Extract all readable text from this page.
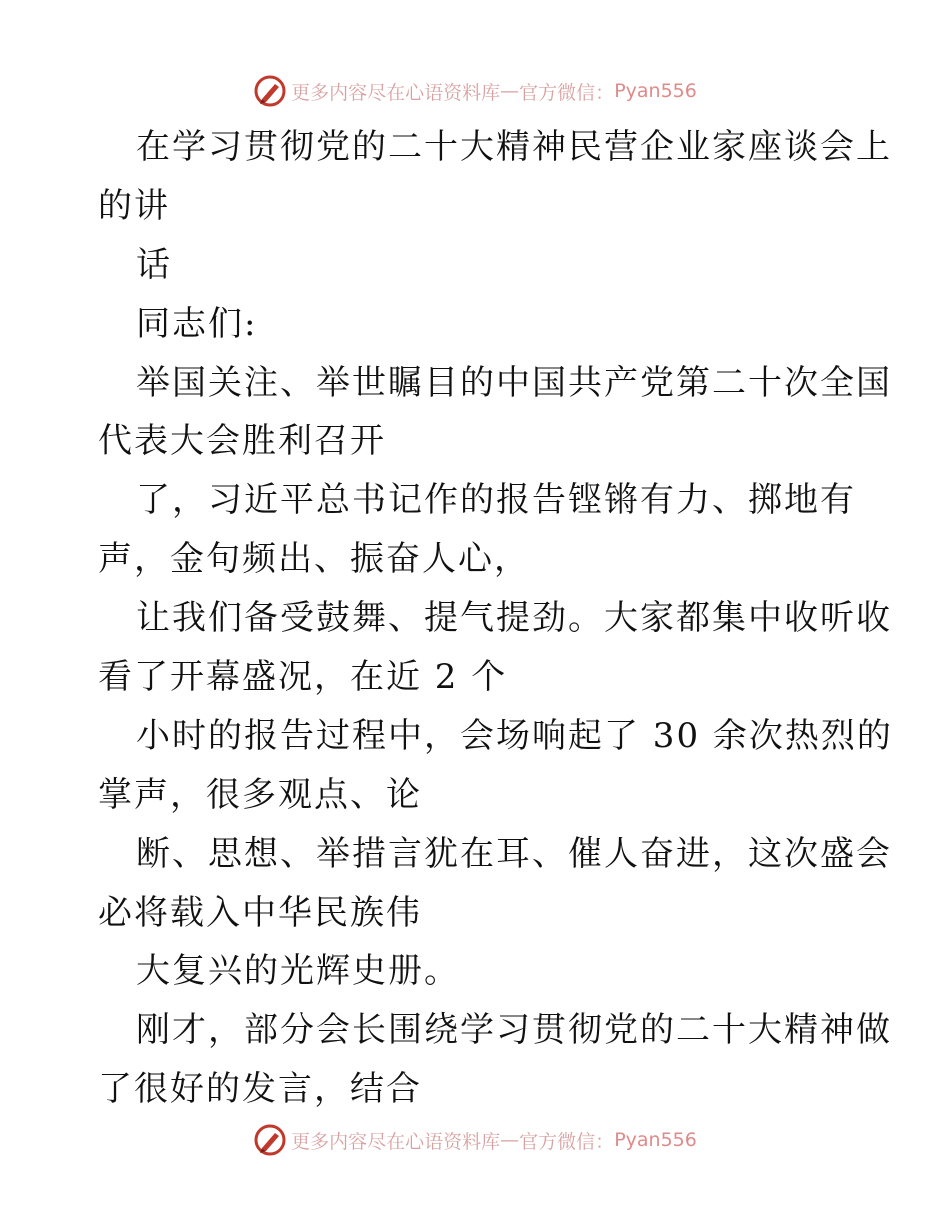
更多内容尽在心语资料库 — 官方微信： Pyan556
在学习贯彻党的二十大精神民营企业家座谈会上
的讲
话
同志们:
举国关注、举世瞩目的中国共产党第二十次全国
代表大会胜利召开
了，习近平总书记作的报告铿锵有力、掷地有
声，金句频出、振奋人心，
让我们备受鼓舞、提气提劲。大家都集中收听收
看了开幕盛况，在近 2 个
小时的报告过程中，会场响起了 30 余次热烈的
掌声，很多观点、论
断、思想、举措言犹在耳、催人奋进，这次盛会
必将载入中华民族伟
大复兴的光辉史册。
刚才，部分会长围绕学习贯彻党的二十大精神做
了很好的发言，结合
更多内容尽在心语资料库 — 官方微信： Pyan556
